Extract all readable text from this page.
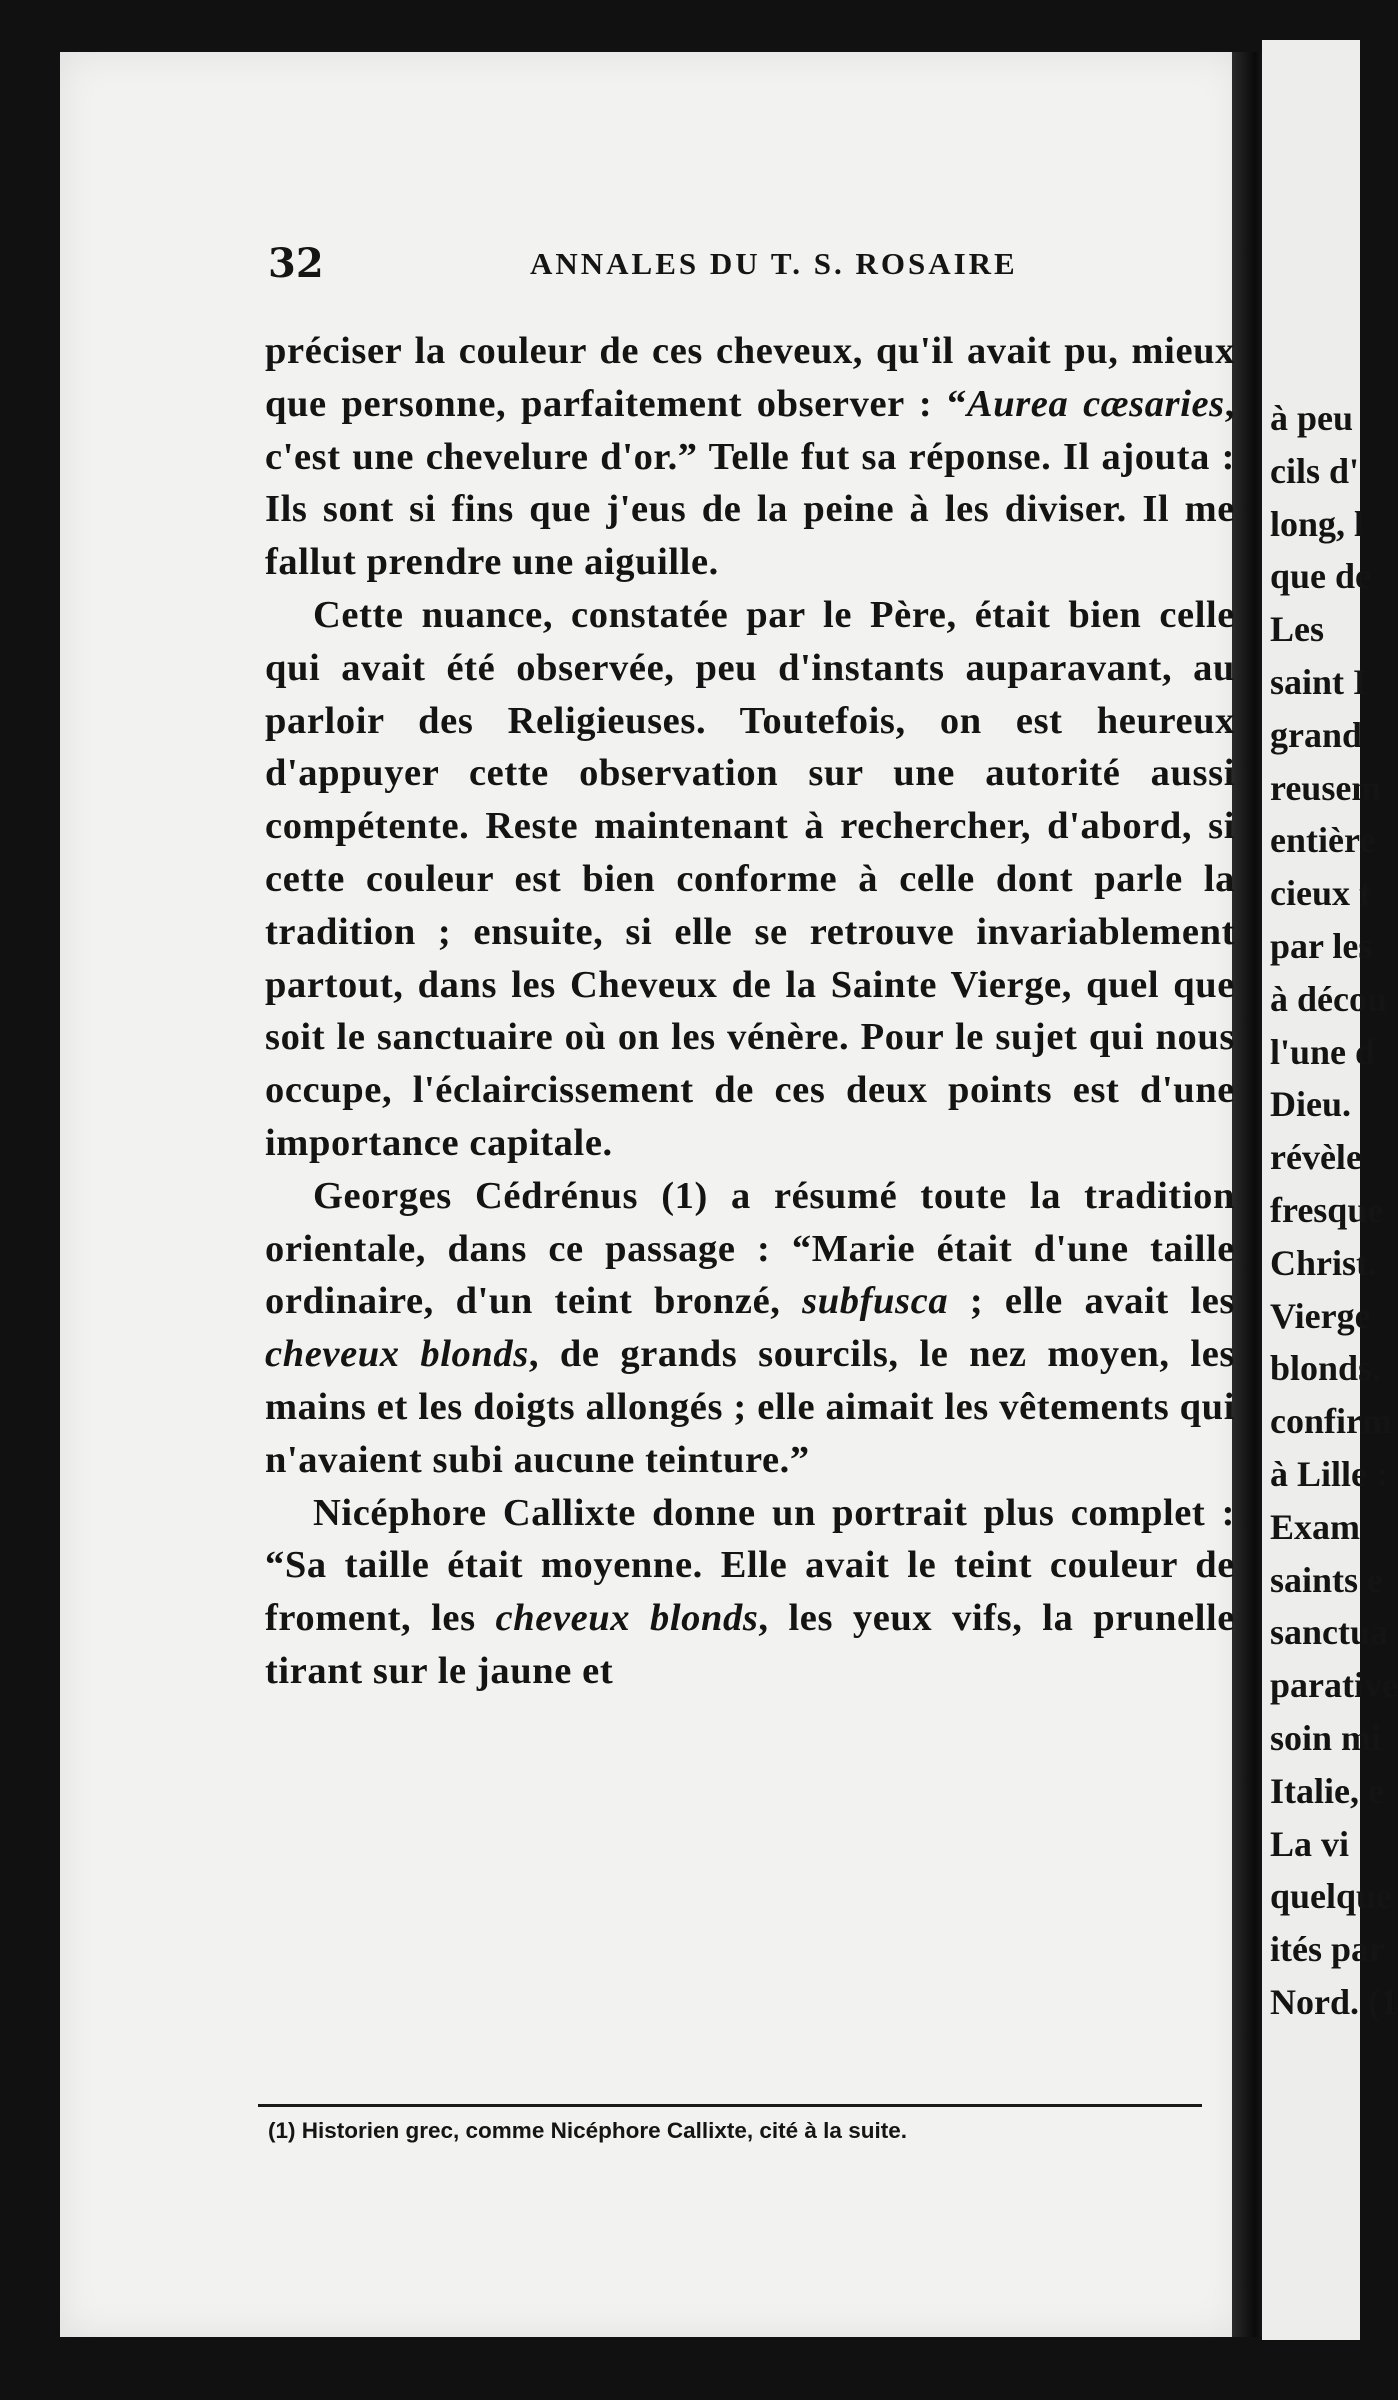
32	ANNALES DU T. S. ROSAIRE

préciser la couleur de ces cheveux, qu'il avait pu, mieux que personne, parfaitement observer : “Aurea cæsaries, c'est une chevelure d'or.” Telle fut sa réponse. Il ajouta : Ils sont si fins que j'eus de la peine à les diviser. Il me fallut prendre une aiguille.

Cette nuance, constatée par le Père, était bien celle qui avait été observée, peu d'instants auparavant, au parloir des Religieuses. Toutefois, on est heureux d'appuyer cette observation sur une autorité aussi compétente. Reste maintenant à rechercher, d'abord, si cette couleur est bien conforme à celle dont parle la tradition ; ensuite, si elle se retrouve invariablement partout, dans les Cheveux de la Sainte Vierge, quel que soit le sanctuaire où on les vénère. Pour le sujet qui nous occupe, l'éclaircissement de ces deux points est d'une importance capitale.

Georges Cédrénus (1) a résumé toute la tradition orientale, dans ce passage : “Marie était d'une taille ordinaire, d'un teint bronzé, subfusca ; elle avait les cheveux blonds, de grands sourcils, le nez moyen, les mains et les doigts allongés ; elle aimait les vêtements qui n'avaient subi aucune teinture.”

Nicéphore Callixte donne un portrait plus complet : “Sa taille était moyenne. Elle avait le teint couleur de froment, les cheveux blonds, les yeux vifs, la prunelle tirant sur le jaune et

(1) Historien grec, comme Nicéphore Callixte, cité à la suite.
à peu
cils d'
long, l
que de
Les
saint I
grand
reusem
entière
cieux t
par les
à décou
l'une d
Dieu.
révèle
fresque
Christ.
Vierge
blonds.
confirm
à Lille :
Exam
saints e
sanctua
parative
soin mi
Italie, e
La vi
quelque
ités par
Nord. (1
